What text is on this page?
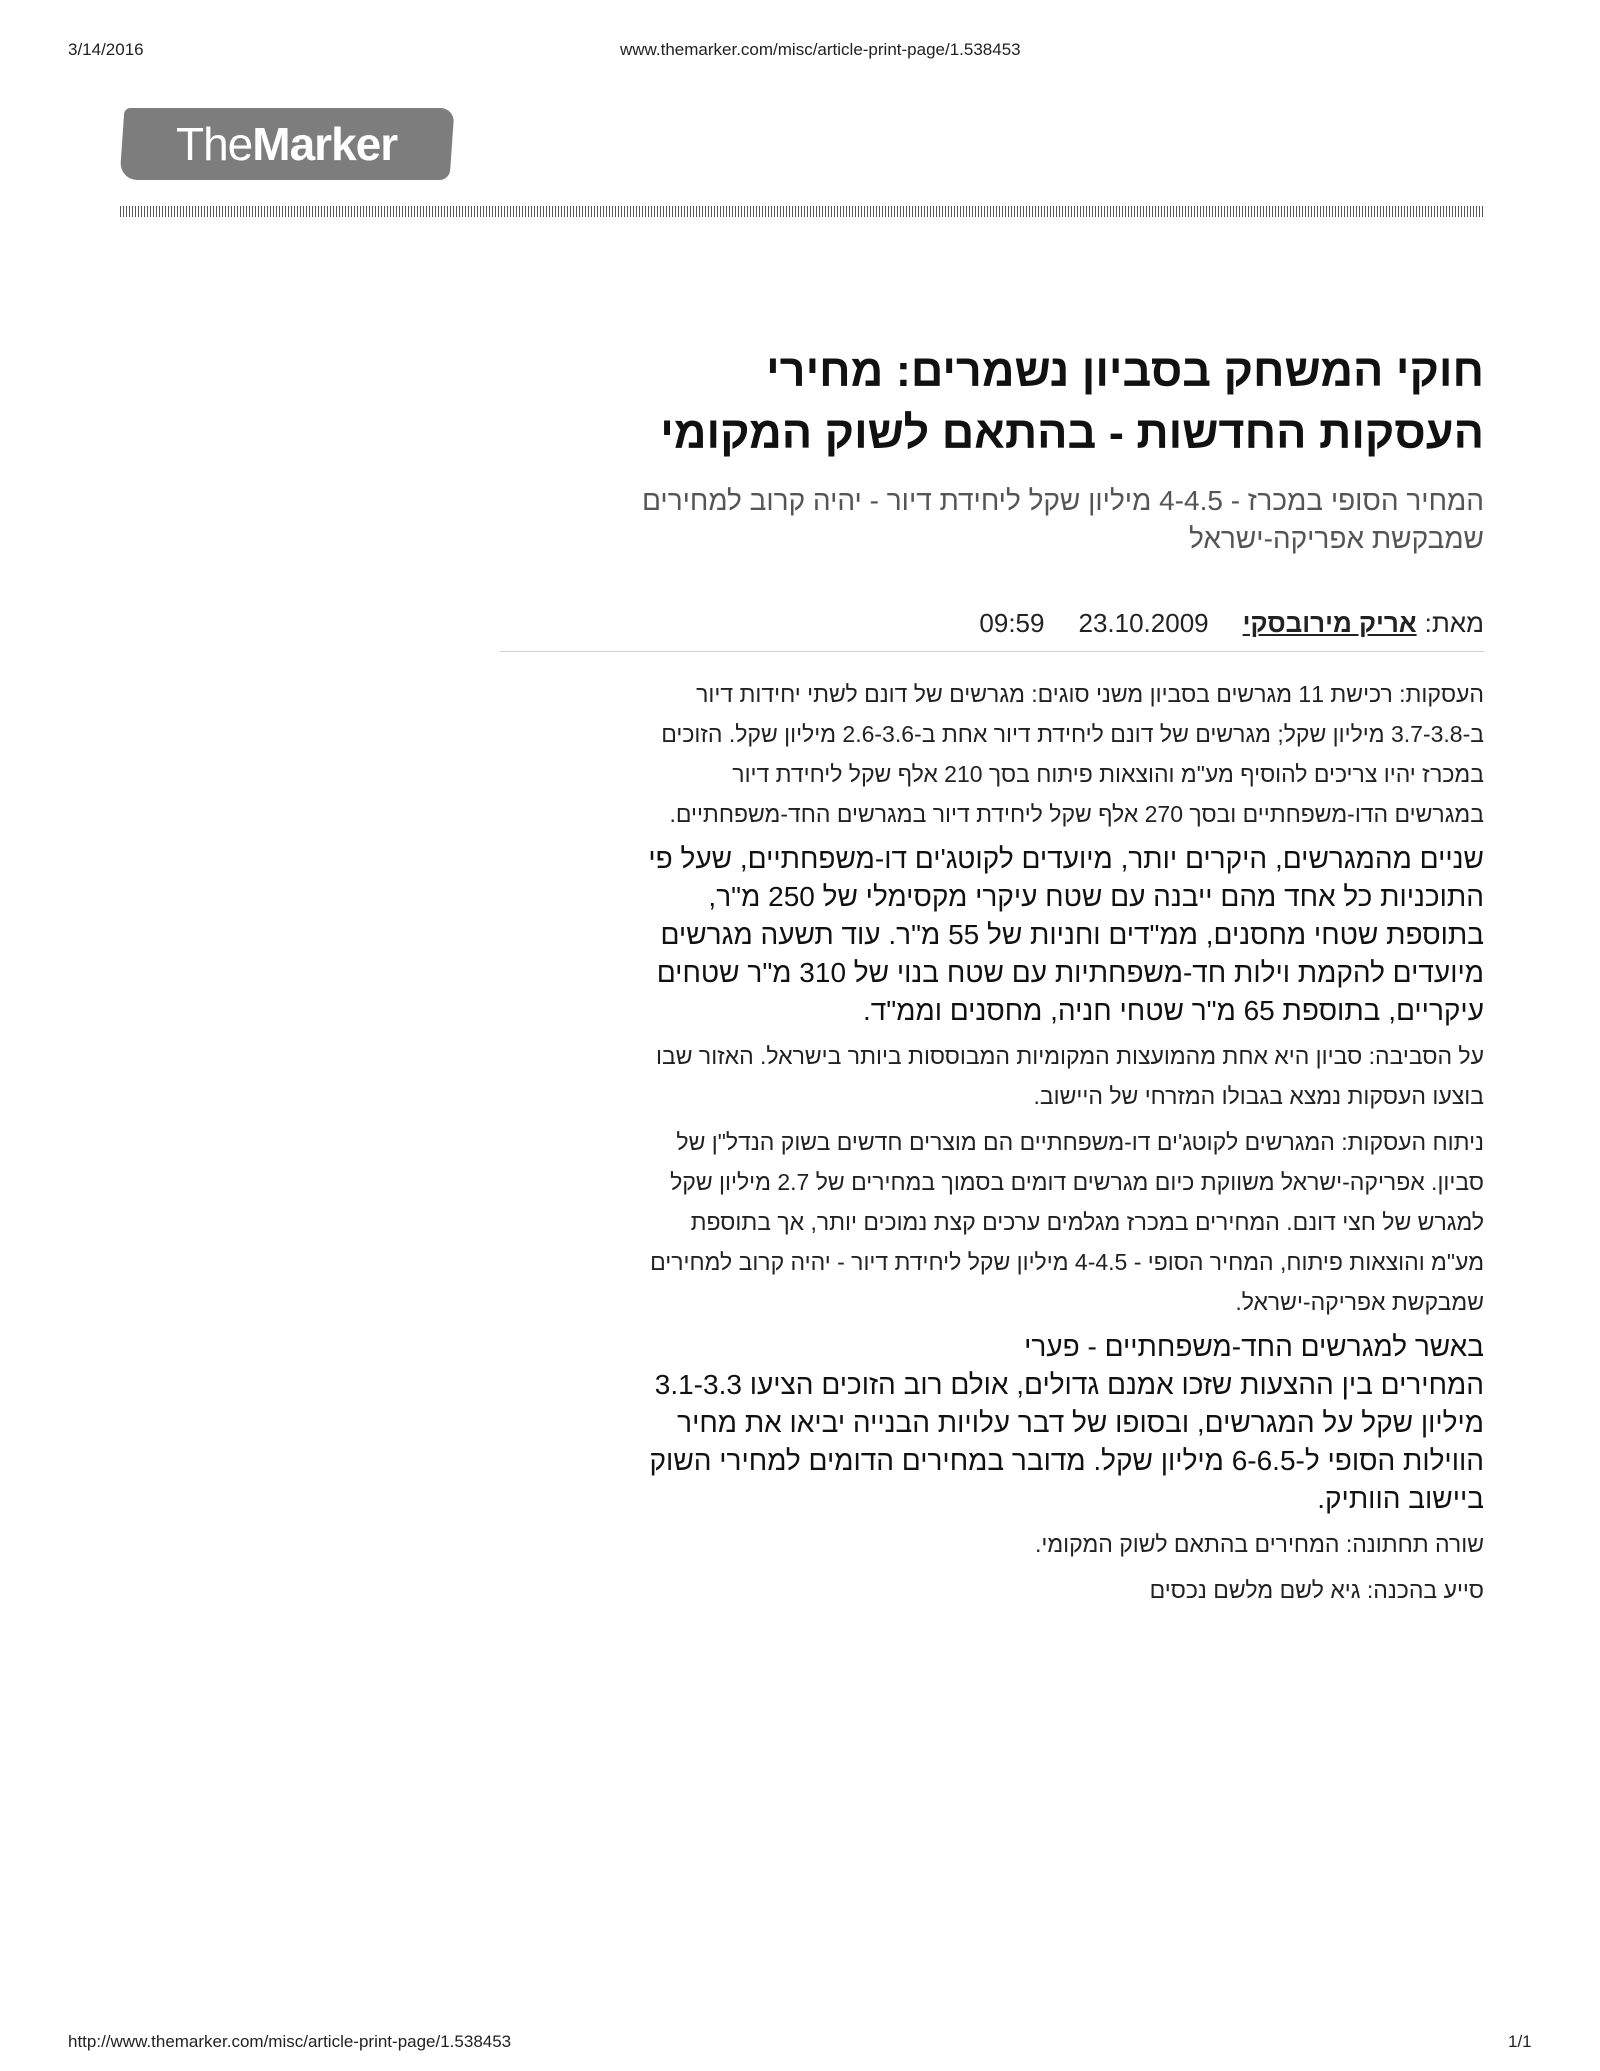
3/14/2016	www.themarker.com/misc/article-print-page/1.538453
TheMarker
חוקי המשחק בסביון נשמרים: מחירי
העסקות החדשות - בהתאם לשוק המקומי
המחיר הסופי במכרז - 4-4.5 מיליון שקל ליחידת דיור - יהיה קרוב למחירים
שמבקשת אפריקה-ישראל
מאת:
אריק מירובסקי
23.10.2009
09:59
העסקות: רכישת 11 מגרשים בסביון משני סוגים: מגרשים של דונם לשתי יחידות דיור
ב-3.7-3.8 מיליון שקל; מגרשים של דונם ליחידת דיור אחת ב-2.6-3.6 מיליון שקל. הזוכים
במכרז יהיו צריכים להוסיף מע"מ והוצאות פיתוח בסך 210 אלף שקל ליחידת דיור
במגרשים הדו-משפחתיים ובסך 270 אלף שקל ליחידת דיור במגרשים החד-משפחתיים.
שניים מהמגרשים, היקרים יותר, מיועדים לקוטג'ים דו-משפחתיים, שעל פי
התוכניות כל אחד מהם ייבנה עם שטח עיקרי מקסימלי של 250 מ"ר,
בתוספת שטחי מחסנים, ממ"דים וחניות של 55 מ"ר. עוד תשעה מגרשים
מיועדים להקמת וילות חד-משפחתיות עם שטח בנוי של 310 מ"ר שטחים
עיקריים, בתוספת 65 מ"ר שטחי חניה, מחסנים וממ"ד.
על הסביבה: סביון היא אחת מהמועצות המקומיות המבוססות ביותר בישראל. האזור שבו
בוצעו העסקות נמצא בגבולו המזרחי של היישוב.
ניתוח העסקות: המגרשים לקוטג'ים דו-משפחתיים הם מוצרים חדשים בשוק הנדל"ן של
סביון. אפריקה-ישראל משווקת כיום מגרשים דומים בסמוך במחירים של 2.7 מיליון שקל
למגרש של חצי דונם. המחירים במכרז מגלמים ערכים קצת נמוכים יותר, אך בתוספת
מע"מ והוצאות פיתוח, המחיר הסופי - 4-4.5 מיליון שקל ליחידת דיור - יהיה קרוב למחירים
שמבקשת אפריקה-ישראל.
באשר למגרשים החד-משפחתיים - פערי
המחירים בין ההצעות שזכו אמנם גדולים, אולם רוב הזוכים הציעו 3.1-3.3
מיליון שקל על המגרשים, ובסופו של דבר עלויות הבנייה יביאו את מחיר
הווילות הסופי ל-6-6.5 מיליון שקל. מדובר במחירים הדומים למחירי השוק
ביישוב הוותיק.
שורה תחתונה: המחירים בהתאם לשוק המקומי.
סייע בהכנה: גיא לשם מלשם נכסים
http://www.themarker.com/misc/article-print-page/1.538453	1/1
